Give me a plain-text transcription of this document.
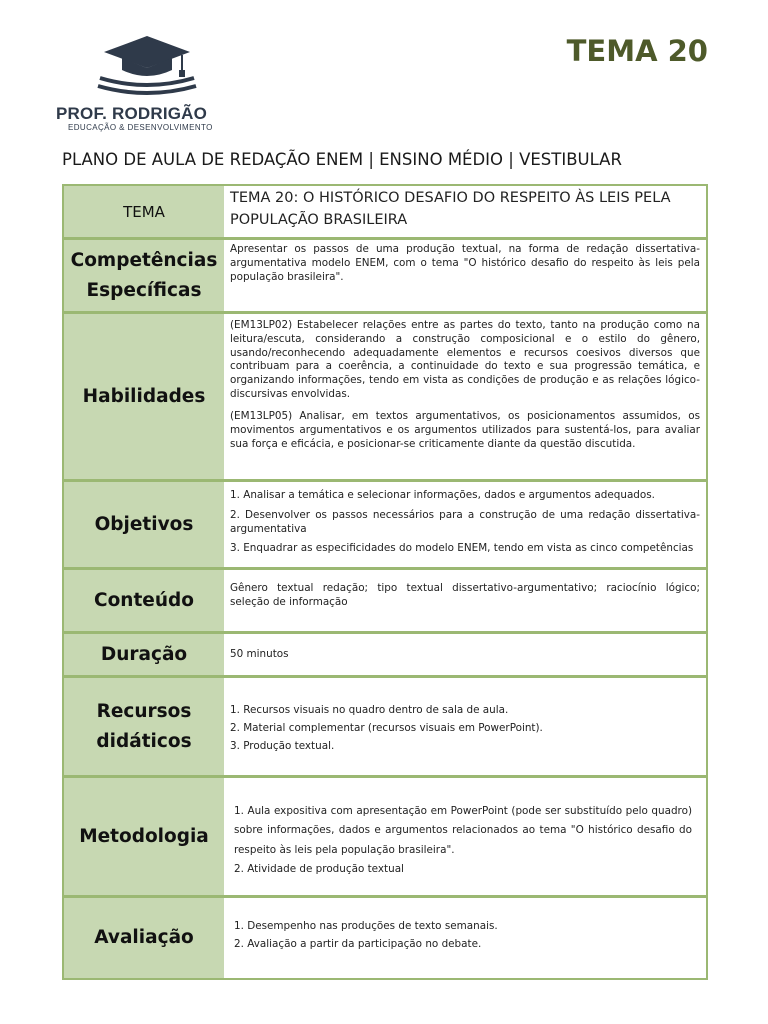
PROF. RODRIGÃO
EDUCAÇÃO & DESENVOLVIMENTO
TEMA 20
PLANO DE AULA DE REDAÇÃO ENEM | ENSINO MÉDIO | VESTIBULAR
TEMA
TEMA 20: O HISTÓRICO DESAFIO DO RESPEITO ÀS LEIS PELA POPULAÇÃO BRASILEIRA
Competências Específicas
Apresentar os passos de uma produção textual, na forma de redação dissertativa-argumentativa modelo ENEM, com o tema "O histórico desafio do respeito às leis pela população brasileira".
Habilidades

(EM13LP02) Estabelecer relações entre as partes do texto, tanto na produção como na leitura/escuta, considerando a construção composicional e o estilo do gênero, usando/reconhecendo adequadamente elementos e recursos coesivos diversos que contribuam para a coerência, a continuidade do texto e sua progressão temática, e organizando informações, tendo em vista as condições de produção e as relações lógico-discursivas envolvidas.

(EM13LP05) Analisar, em textos argumentativos, os posicionamentos assumidos, os movimentos argumentativos e os argumentos utilizados para sustentá-los, para avaliar sua força e eficácia, e posicionar-se criticamente diante da questão discutida.

Objetivos
1. Analisar a temática e selecionar informações, dados e argumentos adequados.
2. Desenvolver os passos necessários para a construção de uma redação dissertativa-argumentativa
3. Enquadrar as especificidades do modelo ENEM, tendo em vista as cinco competências
Conteúdo
Gênero textual redação; tipo textual dissertativo-argumentativo; raciocínio lógico; seleção de informação
Duração	50 minutos
Recursos didáticos
1. Recursos visuais no quadro dentro de sala de aula.
2. Material complementar (recursos visuais em PowerPoint).
3. Produção textual.
Metodologia
1. Aula expositiva com apresentação em PowerPoint (pode ser substituído pelo quadro) sobre informações, dados e argumentos relacionados ao tema "O histórico desafio do respeito às leis pela população brasileira".
2. Atividade de produção textual
Avaliação
1. Desempenho nas produções de texto semanais.
2. Avaliação a partir da participação no debate.
